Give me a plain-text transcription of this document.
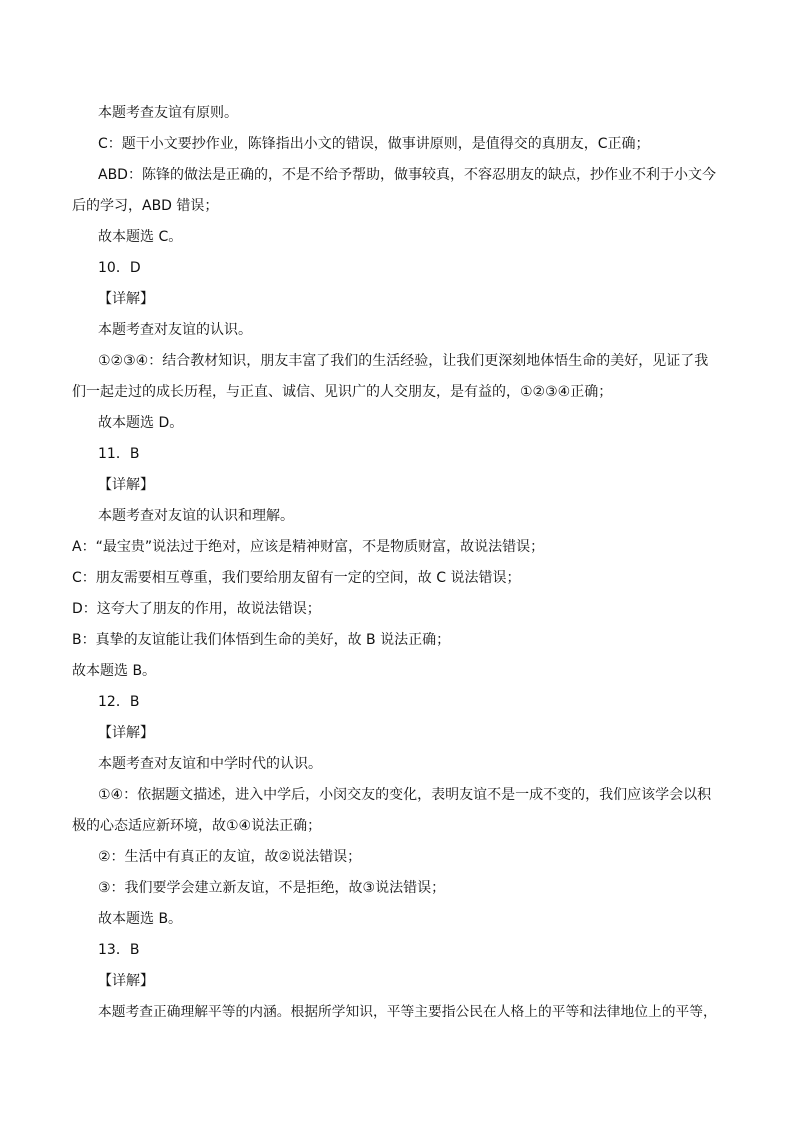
本题考查友谊有原则。
C：题干小文要抄作业，陈锋指出小文的错误，做事讲原则，是值得交的真朋友，C正确；
ABD：陈锋的做法是正确的，不是不给予帮助，做事较真，不容忍朋友的缺点，抄作业不利于小文今
后的学习，ABD 错误；
故本题选 C。
10．D
【详解】
本题考查对友谊的认识。
①②③④：结合教材知识，朋友丰富了我们的生活经验，让我们更深刻地体悟生命的美好，见证了我
们一起走过的成长历程，与正直、诚信、见识广的人交朋友，是有益的，①②③④正确；
故本题选 D。
11．B
【详解】
本题考查对友谊的认识和理解。
A：“最宝贵”说法过于绝对，应该是精神财富，不是物质财富，故说法错误；
C：朋友需要相互尊重，我们要给朋友留有一定的空间，故 C 说法错误；
D：这夸大了朋友的作用，故说法错误；
B：真挚的友谊能让我们体悟到生命的美好，故 B 说法正确；
故本题选 B。
12．B
【详解】
本题考查对友谊和中学时代的认识。
①④：依据题文描述，进入中学后，小闵交友的变化，表明友谊不是一成不变的，我们应该学会以积
极的心态适应新环境，故①④说法正确；
②：生活中有真正的友谊，故②说法错误；
③：我们要学会建立新友谊，不是拒绝，故③说法错误；
故本题选 B。
13．B
【详解】
本题考查正确理解平等的内涵。根据所学知识，平等主要指公民在人格上的平等和法律地位上的平等，
